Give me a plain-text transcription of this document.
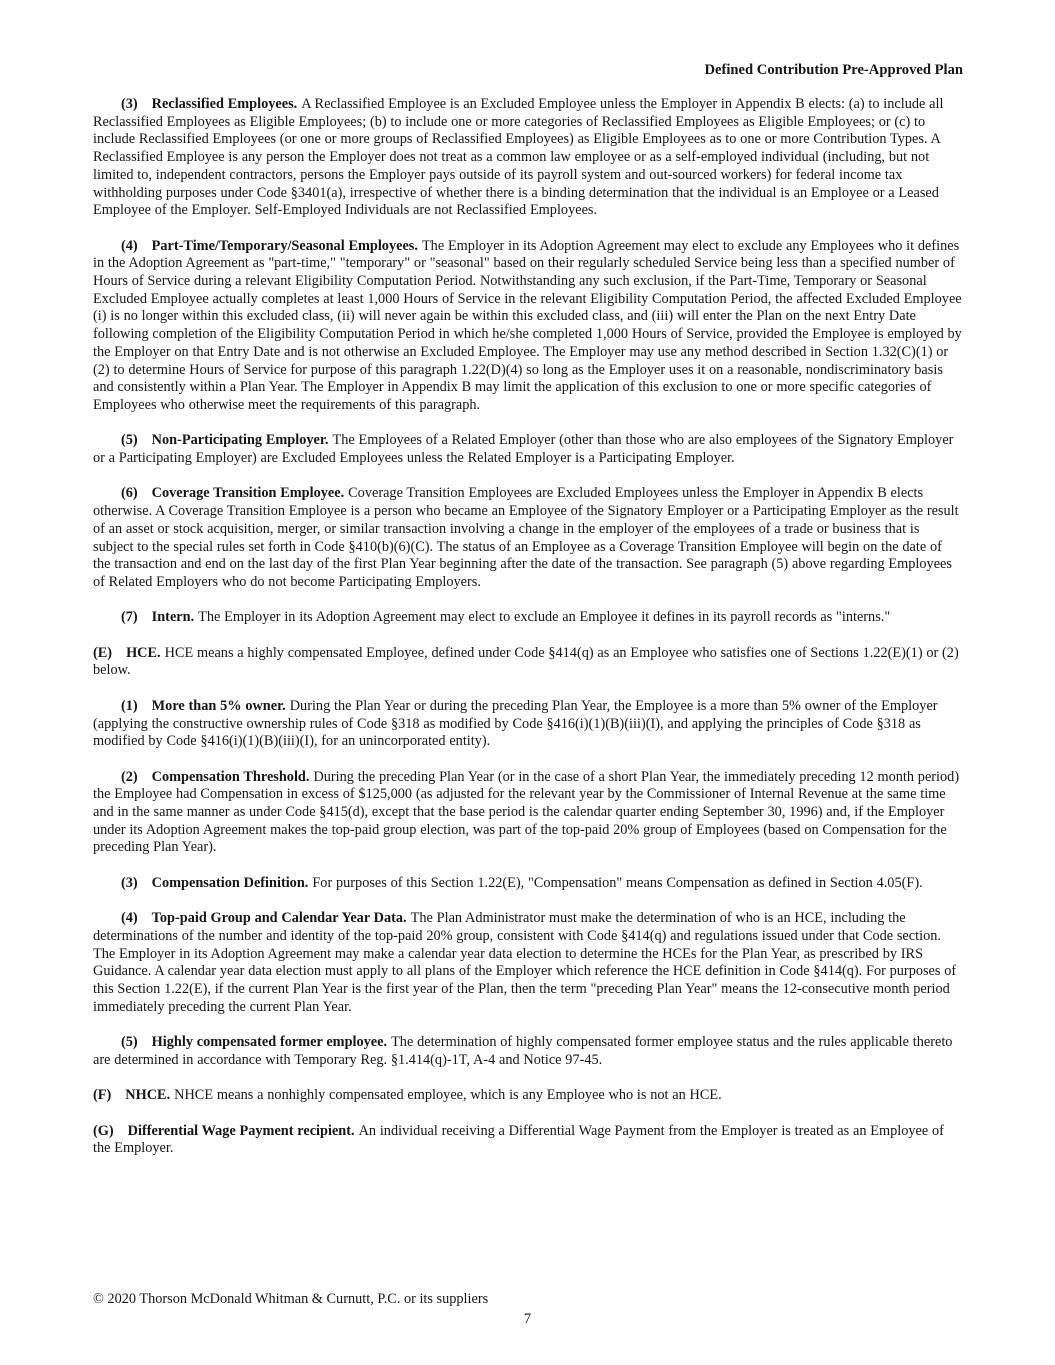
Defined Contribution Pre-Approved Plan

(3) Reclassified Employees. A Reclassified Employee is an Excluded Employee unless the Employer in Appendix B elects: (a) to include all Reclassified Employees as Eligible Employees; (b) to include one or more categories of Reclassified Employees as Eligible Employees; or (c) to include Reclassified Employees (or one or more groups of Reclassified Employees) as Eligible Employees as to one or more Contribution Types. A Reclassified Employee is any person the Employer does not treat as a common law employee or as a self-employed individual (including, but not limited to, independent contractors, persons the Employer pays outside of its payroll system and out-sourced workers) for federal income tax withholding purposes under Code §3401(a), irrespective of whether there is a binding determination that the individual is an Employee or a Leased Employee of the Employer. Self-Employed Individuals are not Reclassified Employees.

(4) Part-Time/Temporary/Seasonal Employees. The Employer in its Adoption Agreement may elect to exclude any Employees who it defines in the Adoption Agreement as "part-time," "temporary" or "seasonal" based on their regularly scheduled Service being less than a specified number of Hours of Service during a relevant Eligibility Computation Period. Notwithstanding any such exclusion, if the Part-Time, Temporary or Seasonal Excluded Employee actually completes at least 1,000 Hours of Service in the relevant Eligibility Computation Period, the affected Excluded Employee (i) is no longer within this excluded class, (ii) will never again be within this excluded class, and (iii) will enter the Plan on the next Entry Date following completion of the Eligibility Computation Period in which he/she completed 1,000 Hours of Service, provided the Employee is employed by the Employer on that Entry Date and is not otherwise an Excluded Employee. The Employer may use any method described in Section 1.32(C)(1) or (2) to determine Hours of Service for purpose of this paragraph 1.22(D)(4) so long as the Employer uses it on a reasonable, nondiscriminatory basis and consistently within a Plan Year. The Employer in Appendix B may limit the application of this exclusion to one or more specific categories of Employees who otherwise meet the requirements of this paragraph.

(5) Non-Participating Employer. The Employees of a Related Employer (other than those who are also employees of the Signatory Employer or a Participating Employer) are Excluded Employees unless the Related Employer is a Participating Employer.

(6) Coverage Transition Employee. Coverage Transition Employees are Excluded Employees unless the Employer in Appendix B elects otherwise. A Coverage Transition Employee is a person who became an Employee of the Signatory Employer or a Participating Employer as the result of an asset or stock acquisition, merger, or similar transaction involving a change in the employer of the employees of a trade or business that is subject to the special rules set forth in Code §410(b)(6)(C). The status of an Employee as a Coverage Transition Employee will begin on the date of the transaction and end on the last day of the first Plan Year beginning after the date of the transaction. See paragraph (5) above regarding Employees of Related Employers who do not become Participating Employers.

(7) Intern. The Employer in its Adoption Agreement may elect to exclude an Employee it defines in its payroll records as "interns."

(E) HCE. HCE means a highly compensated Employee, defined under Code §414(q) as an Employee who satisfies one of Sections 1.22(E)(1) or (2) below.

(1) More than 5% owner. During the Plan Year or during the preceding Plan Year, the Employee is a more than 5% owner of the Employer (applying the constructive ownership rules of Code §318 as modified by Code §416(i)(1)(B)(iii)(I), and applying the principles of Code §318 as modified by Code §416(i)(1)(B)(iii)(I), for an unincorporated entity).

(2) Compensation Threshold. During the preceding Plan Year (or in the case of a short Plan Year, the immediately preceding 12 month period) the Employee had Compensation in excess of $125,000 (as adjusted for the relevant year by the Commissioner of Internal Revenue at the same time and in the same manner as under Code §415(d), except that the base period is the calendar quarter ending September 30, 1996) and, if the Employer under its Adoption Agreement makes the top-paid group election, was part of the top-paid 20% group of Employees (based on Compensation for the preceding Plan Year).

(3) Compensation Definition. For purposes of this Section 1.22(E), "Compensation" means Compensation as defined in Section 4.05(F).

(4) Top-paid Group and Calendar Year Data. The Plan Administrator must make the determination of who is an HCE, including the determinations of the number and identity of the top-paid 20% group, consistent with Code §414(q) and regulations issued under that Code section. The Employer in its Adoption Agreement may make a calendar year data election to determine the HCEs for the Plan Year, as prescribed by IRS Guidance. A calendar year data election must apply to all plans of the Employer which reference the HCE definition in Code §414(q). For purposes of this Section 1.22(E), if the current Plan Year is the first year of the Plan, then the term "preceding Plan Year" means the 12-consecutive month period immediately preceding the current Plan Year.

(5) Highly compensated former employee. The determination of highly compensated former employee status and the rules applicable thereto are determined in accordance with Temporary Reg. §1.414(q)-1T, A-4 and Notice 97-45.

(F) NHCE. NHCE means a nonhighly compensated employee, which is any Employee who is not an HCE.

(G) Differential Wage Payment recipient. An individual receiving a Differential Wage Payment from the Employer is treated as an Employee of the Employer.

© 2020 Thorson McDonald Whitman & Curnutt, P.C. or its suppliers
7
